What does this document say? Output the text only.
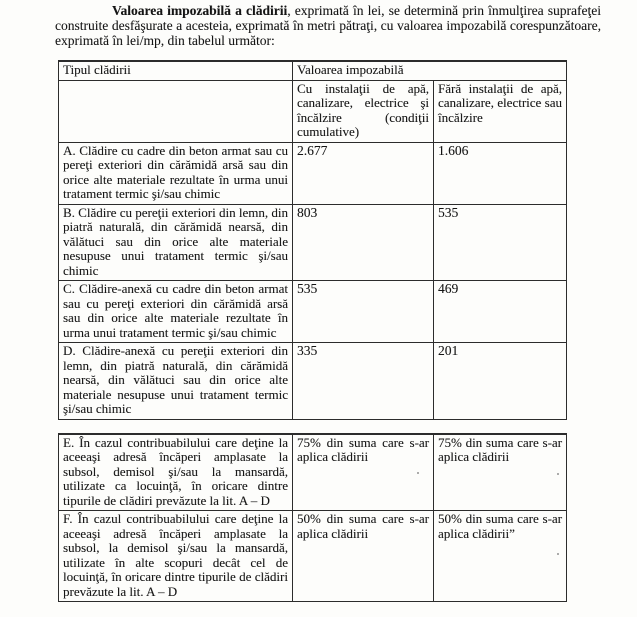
Valoarea impozabilă a clădirii, exprimată în lei, se determină prin înmulţirea suprafeţei construite desfăşurate a acesteia, exprimată în metri pătraţi, cu valoarea impozabilă corespunzătoare, exprimată în lei/mp, din tabelul următor:

Tipul clădirii	Valoarea impozabilă	
	Cu instalaţii de apă, canalizare, electrice şi încălzire (condiţii cumulative)	Fără instalaţii de apă, canalizare, electrice sau încălzire
A. Clădire cu cadre din beton armat sau cu pereţi exteriori din cărămidă arsă sau din orice alte materiale rezultate în urma unui tratament termic şi/sau chimic	2.677	1.606
B. Clădire cu pereţii exteriori din lemn, din piatră naturală, din cărămidă nearsă, din vălătuci sau din orice alte materiale nesupuse unui tratament termic şi/sau chimic	803	535
C. Clădire-anexă cu cadre din beton armat sau cu pereţi exteriori din cărămidă arsă sau din orice alte materiale rezultate în urma unui tratament termic şi/sau chimic	535	469
D. Clădire-anexă cu pereţii exteriori din lemn, din piatră naturală, din cărămidă nearsă, din vălătuci sau din orice alte materiale nesupuse unui tratament termic şi/sau chimic	335	201
E. În cazul contribuabilului care deţine la aceeaşi adresă încăperi amplasate la subsol, demisol şi/sau la mansardă, utilizate ca locuinţă, în oricare dintre tipurile de clădiri prevăzute la lit. A – D	75% din suma care s-ar aplica clădirii	75% din suma care s-ar aplica clădirii
F. În cazul contribuabilului care deţine la aceeaşi adresă încăperi amplasate la subsol, la demisol şi/sau la mansardă, utilizate în alte scopuri decât cel de locuinţă, în oricare dintre tipurile de clădiri prevăzute la lit. A – D	50% din suma care s-ar aplica clădirii	50% din suma care s-ar aplica clădirii”
